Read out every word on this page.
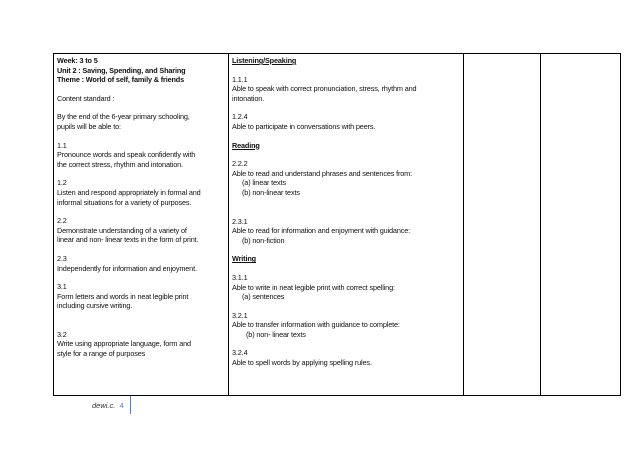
Week: 3 to 5
Unit 2 : Saving, Spending, and Sharing
Theme : World of self, family & friends
Content standard :
By the end of the 6-year primary schooling,
pupils will be able to:
1.1
Pronounce words and speak confidently with
the correct stress, rhythm and intonation.
1.2
Listen and respond appropriately in formal and
informal situations for a variety of purposes.
2.2
Demonstrate understanding of a variety of
linear and non- linear texts in the form of print.
2.3
Independently for information and enjoyment.
3.1
Form letters and words in neat legible print
including cursive writing.
3.2
Write using appropriate language, form and
style for a range of purposes

Listening/Speaking
1.1.1
Able to speak with correct pronunciation, stress, rhythm and
intonation.
1.2.4
Able to participate in conversations with peers.
Reading
2.2.2
Able to read and understand phrases and sentences from:
(a) linear texts
(b) non-linear texts
2.3.1
Able to read for information and enjoyment with guidance:
(b) non-fiction
Writing
3.1.1
Able to write in neat legible print with correct spelling:
(a) sentences
3.2.1
Able to transfer information with guidance to complete:
(b) non- linear texts
3.2.4
Able to spell words by applying spelling rules.

dewi.c. 4
